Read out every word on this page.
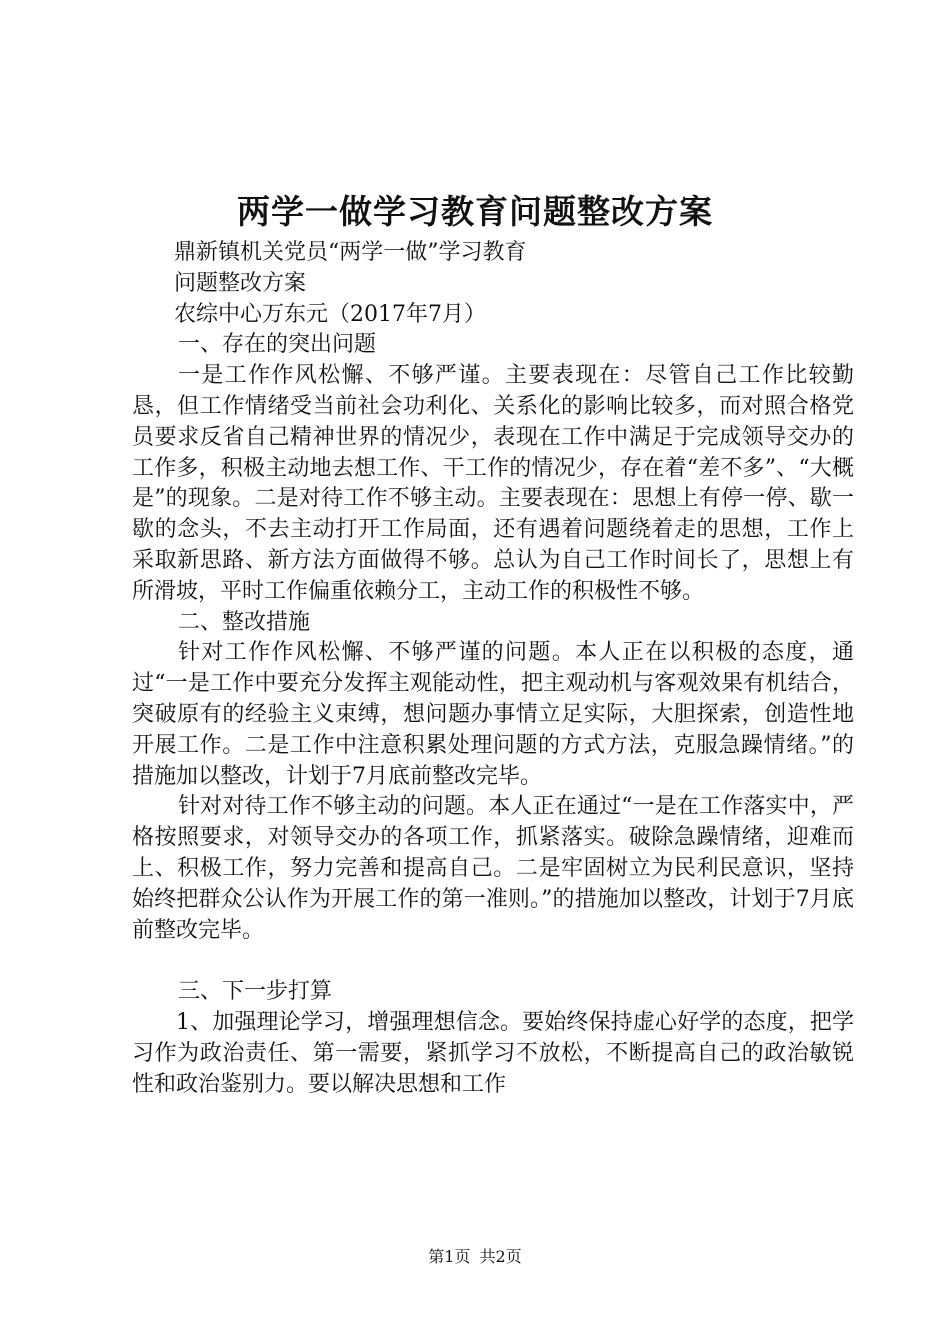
两学一做学习教育问题整改方案
鼎新镇机关党员“两学一做”学习教育
问题整改方案
农综中心万东元（2017年7月）
一、存在的突出问题

一是工作作风松懈、不够严谨。主要表现在：尽管自己工作比较勤恳，但工作情绪受当前社会功利化、关系化的影响比较多，而对照合格党员要求反省自己精神世界的情况少，表现在工作中满足于完成领导交办的工作多，积极主动地去想工作、干工作的情况少，存在着“差不多”、“大概是”的现象。二是对待工作不够主动。主要表现在：思想上有停一停、歇一歇的念头，不去主动打开工作局面，还有遇着问题绕着走的思想，工作上采取新思路、新方法方面做得不够。总认为自己工作时间长了，思想上有所滑坡，平时工作偏重依赖分工，主动工作的积极性不够。

二、整改措施

针对工作作风松懈、不够严谨的问题。本人正在以积极的态度，通过“一是工作中要充分发挥主观能动性，把主观动机与客观效果有机结合，突破原有的经验主义束缚，想问题办事情立足实际，大胆探索，创造性地开展工作。二是工作中注意积累处理问题的方式方法，克服急躁情绪。”的措施加以整改，计划于7月底前整改完毕。

针对对待工作不够主动的问题。本人正在通过“一是在工作落实中，严格按照要求，对领导交办的各项工作，抓紧落实。破除急躁情绪，迎难而上、积极工作，努力完善和提高自己。二是牢固树立为民利民意识，坚持始终把群众公认作为开展工作的第一准则。”的措施加以整改，计划于7月底前整改完毕。

三、下一步打算

1、加强理论学习，增强理想信念。要始终保持虚心好学的态度，把学习作为政治责任、第一需要，紧抓学习不放松，不断提高自己的政治敏锐性和政治鉴别力。要以解决思想和工作

第1页 共2页
